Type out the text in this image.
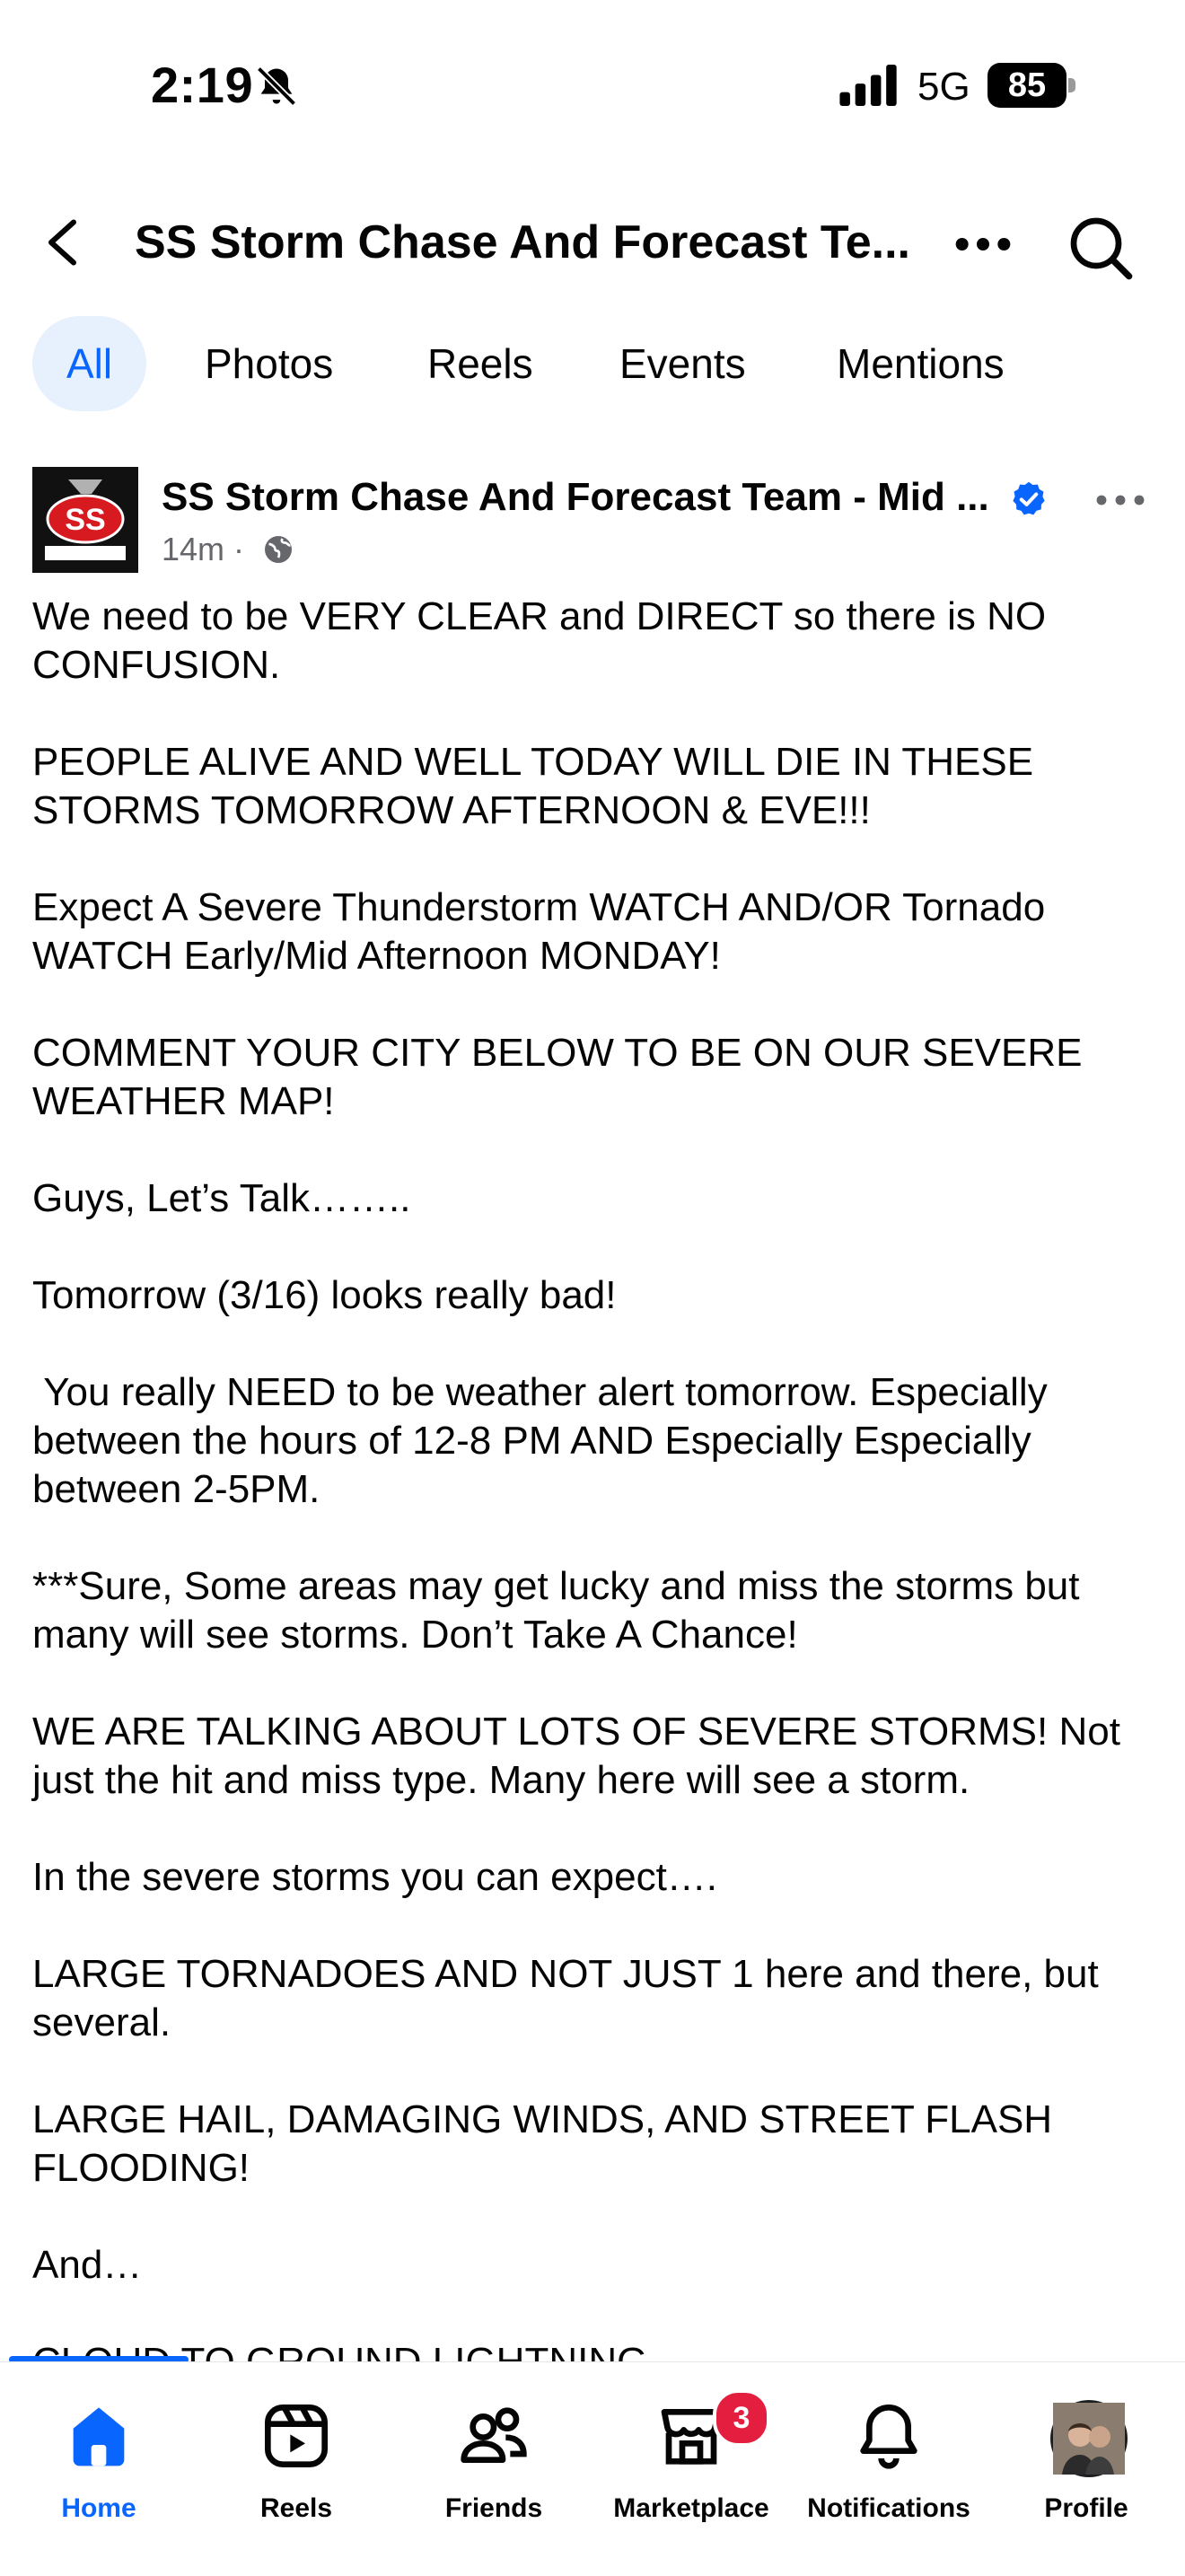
2:19	5G	85
SS Storm Chase And Forecast Te...
All	Photos Reels Events Mentions
SS
SS Storm Chase And Forecast Team - Mid ...
14m ·
We need to be VERY CLEAR and DIRECT so there is NO CONFUSION.

PEOPLE ALIVE AND WELL TODAY WILL DIE IN THESE STORMS TOMORROW AFTERNOON & EVE!!!

Expect A Severe Thunderstorm WATCH AND/OR Tornado WATCH Early/Mid Afternoon MONDAY!

COMMENT YOUR CITY BELOW TO BE ON OUR SEVERE WEATHER MAP!

Guys, Let’s Talk……..

Tomorrow (3/16) looks really bad!

You really NEED to be weather alert tomorrow. Especially between the hours of 12-8 PM AND Especially Especially between 2-5PM.

***Sure, Some areas may get lucky and miss the storms but many will see storms. Don’t Take A Chance!

WE ARE TALKING ABOUT LOTS OF SEVERE STORMS! Not just the hit and miss type. Many here will see a storm.

In the severe storms you can expect….

LARGE TORNADOES AND NOT JUST 1 here and there, but several.

LARGE HAIL, DAMAGING WINDS, AND STREET FLASH FLOODING!

And…

Home	Reels	Friends
3
Marketplace	Notifications	Profile
